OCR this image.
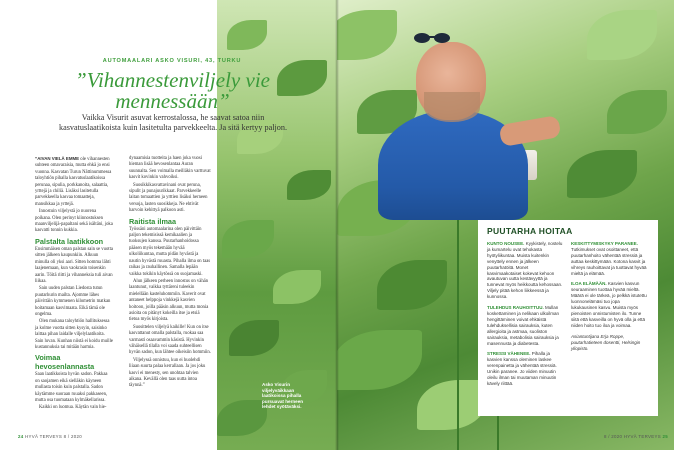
AUTOMAALARI ASKO VISURI, 43, TURKU
”Vihannestenviljely vie mennessään”
Vaikka Visurit asuvat kerrostalossa, he saavat satoa niin kasvatuslaatikoista kuin lasitetulta parvekkeelta. Ja sitä kertyy paljon.

”AIVAN VIELÄ EMME ole vihannesten suhteen omavaraisia, mutta ehkä jo ensi vuonna. Kasvatan Turun Nättinummessa taloyhtiön pihalla kasvatuslaatikoissa perunaa, sipulia, porkkanoita, salaattia, yrttejä ja chiliä. Lisäksi lasitetulla parvekkeella kasvaa tomaatteja, mansikkaa ja yrttejä.

Innostuin viljelystä jo nuorena poikana. Olen perinyt kiinnostuksen maanviljelijä-papaltani sekä isältäni, joka kasvatti tonnin kukkia.

Palstalta laatikkoon

Ensimmäisen oman palstan sain se vuotta sitten jälkeen kaupunkiin. Alkuun minulla oli yksi aari. Sitten homma lähti laajenemaan, kun vaokrasin toisenkin aarin. Töitä riitti ja vihanneksia tuli aivan liikaa.

Sain uuden palstan Liedosta tutun puutarhurin mailta. Ajomme lähes päivittäin kymmenen kilometrin matkan hoitamaan kasvimaata. Eikä tämä ole ongelma.

Olen mukana taloyhtiön hallituksessa ja kolme vuotta sitten kysyin, saisinko laittaa pihan laidalle viljelylaatikoita. Sain luvan. Kunhan niistä ei koidu muille kustannuksia tai mitään harmia.

Voimaa hevosenlannasta

Saan laatikkoista hyvän sadon. Pakkaa on saojamen eikä sielläkin käyneen mullasta toisin kuin palstalla. Sadon käytämme suoraan ruuaksi pakkaseen, mutta osa tuomataan kylmäkellarissa.

Kaikki on luomua. Käytän vain hie-

dynaamisia tuotteita ja haen joka vuosi hieman lisää hevosenlantaa Auran suunnalta. Sen voimalla meilläkin varttuvat kasvit kovinkin vahvoiksi.

Suosikkikasvattavinani ovat peruna, sipulit ja punajuurikkaat. Parvekkeelle laitan tomaattien ja yrttien lisäksi herneen versoja, lasten suosikkeja. Ne ehtivät harvoin kehittyä palkoon asti.

Raitista ilmaa

Työssäni automaalarina olen päivittäin paljon tekemisissä kemikaalien ja tuoksujen kanssa. Puutarhanhoidossa pääsen myös tekemään hyvää ulkoliikuntaa, mutta pidän hyvästä ja nautin hyvästä ruuasta. Pihalla ilma on taas raikas ja rauhallinen. Samalla lepään vaikka tokikin käytössä on suojamaski.

Alun jälkeen perheen innostus on vähän laantunut, vaikka tyttäreni tuleekin mielellään kasteluhommiin. Kaverit ovat antaneet helppoja vinkkejä kasvien hoitoon, joilla pääsin alkuun, mutta monia asioita on pitänyt kokeilla itse ja etsiä tietoa myös kirjoista.

Suosittelen viljelyä kaikille! Kun on itse kasvattanut omalla palstalla, ruokaa saa varmasti osaavammin käsistä. Hyvinkin vähäisellä tilalla voi saada suhteellisen hyvän sadon, kun lähtee oikeisiin hommiin.

Viljelyssä onnistuu, kun ei huolehdi liiaan suurta palaa kerrallaan. Ja jos joku kasvi ei menesty, sen unohtaa talvien aikana. Kevällä olen taas uutta intoa täynnä.”	Asko Visurin viljelyväikkaan laatikoissa pihalla pursuavat herneen lehdet syötäväksi.
24 HYVÄ TERVEYS 8 / 2020
PUUTARHA HOITAA

KUNTO NOUSEE. Kyykistely, nostelu ja kumartelu ovat tehokasta hyötyliikuntaa. Muista kuitenkin venyttely ennen ja jälkeen puutarhatöitä. Monet kasvimaakotaiset kokevat kehoon avautuvan uutta kestävyyttä ja tunnevat myös heikkoutta kehossaan. Viljely pitää kehon liikkeessä ja kunnossa.

TULEHDUS RAUHOITTUU. Mullan koskettaminen ja nelikaan ulkoilman hengittäminen voivat ehkäistä tulehduksellisia sairauksia, kuten allergioita ja astmaa, suoliston sairauksia, metabolisia sairauksia ja masennusta ja diabetesta.

STRESSI VÄHENEE. Pihalla ja kasvien kanssa oleminen laskee verenpainetta ja vähentää stressiä. Unikin paranee. Jo viiden minuutin oleilu ilman tai muutaman minuutin kävely riittää.

KESKITTYMISKYKY PARANEE. Tutkimukset ovat osoittaneet, että puutarhanhoito vähentää stressiä ja auttaa keskittymään. Kotona kasvit ja vihreys rauhoittavat ja tuottavat hyvää mieltä ja elämää.

ILOA ELÄMÄÄN. Kasvien kasvun seuraaminen tuottaa hyvää mieltä. Määrä ei ole tärkeä, jo pelkkä istutettu luonnonelämäsi tuo jopa lukukausinen kasvu. Muista myös pienoisten onnistumisten ilo. Tunne siitä että kasveilla on hyvä olla ja että niiden hoito tuo iloa ja voimaa.

Asiantuntijana Erja Roppe, puutarhatieteen dosentti, Helsingin yliopisto.

8 / 2020 HYVÄ TERVEYS 25
